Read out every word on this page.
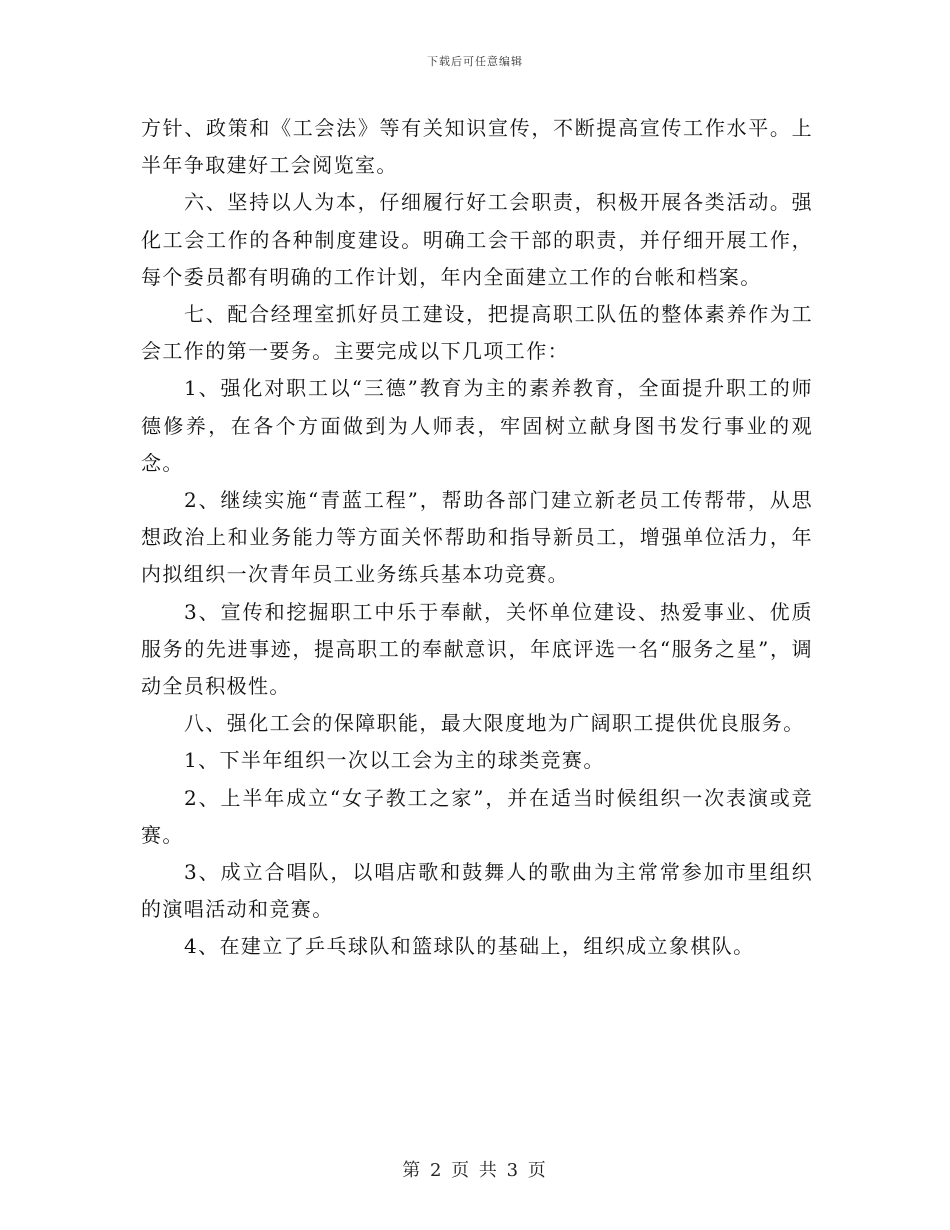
下载后可任意编辑

方针、政策和《工会法》等有关知识宣传，不断提高宣传工作水平。上半年争取建好工会阅览室。

六、坚持以人为本，仔细履行好工会职责，积极开展各类活动。强化工会工作的各种制度建设。明确工会干部的职责，并仔细开展工作，每个委员都有明确的工作计划，年内全面建立工作的台帐和档案。

七、配合经理室抓好员工建设，把提高职工队伍的整体素养作为工会工作的第一要务。主要完成以下几项工作：

1、强化对职工以“三德”教育为主的素养教育，全面提升职工的师德修养，在各个方面做到为人师表，牢固树立献身图书发行事业的观念。

2、继续实施“青蓝工程”，帮助各部门建立新老员工传帮带，从思想政治上和业务能力等方面关怀帮助和指导新员工，增强单位活力，年内拟组织一次青年员工业务练兵基本功竞赛。

3、宣传和挖掘职工中乐于奉献，关怀单位建设、热爱事业、优质服务的先进事迹，提高职工的奉献意识，年底评选一名“服务之星”，调动全员积极性。

八、强化工会的保障职能，最大限度地为广阔职工提供优良服务。

1、下半年组织一次以工会为主的球类竞赛。

2、上半年成立“女子教工之家”，并在适当时候组织一次表演或竞赛。

3、成立合唱队，以唱店歌和鼓舞人的歌曲为主常常参加市里组织的演唱活动和竞赛。

4、在建立了乒乓球队和篮球队的基础上，组织成立象棋队。

第 2 页 共 3 页
